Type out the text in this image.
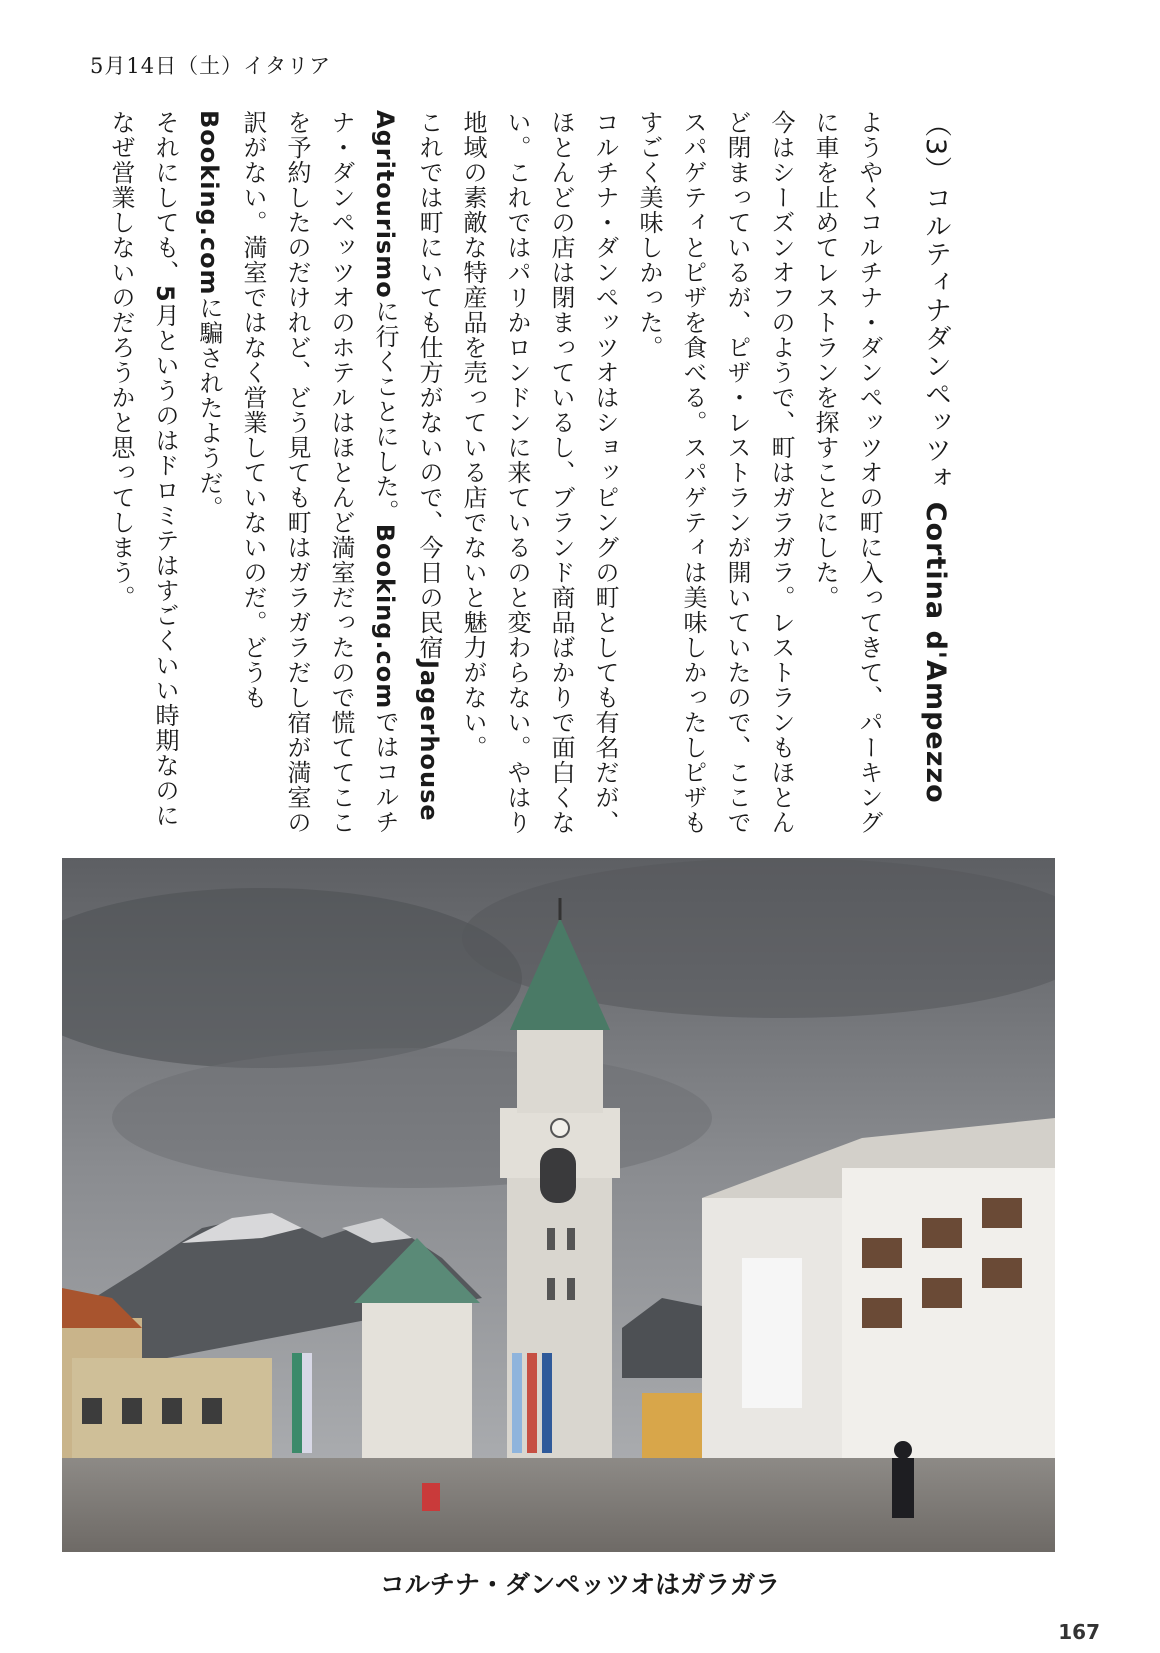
5月14日（土）イタリア
（3）コルティナダンペッツォ Cortina d'Ampezzo

ようやくコルチナ・ダンペッツオの町に入ってきて、パーキングに車を止めてレストランを探すことにした。

今はシーズンオフのようで、町はガラガラ。レストランもほとんど閉まっているが、ピザ・レストランが開いていたので、ここでスパゲティとピザを食べる。スパゲティは美味しかったしピザもすごく美味しかった。

コルチナ・ダンペッツオはショッピングの町としても有名だが、ほとんどの店は閉まっているし、ブランド商品ばかりで面白くない。これではパリかロンドンに来ているのと変わらない。やはり地域の素敵な特産品を売っている店でないと魅力がない。

これでは町にいても仕方がないので、今日の民宿Jagerhouse Agritourismoに行くことにした。Booking.comではコルチナ・ダンペッツオのホテルはほとんど満室だったので慌ててここを予約したのだけれど、どう見ても町はガラガラだし宿が満室の訳がない。満室ではなく営業していないのだ。どうもBooking.comに騙されたようだ。

それにしても、5月というのはドロミテはすごくいい時期なのになぜ営業しないのだろうかと思ってしまう。

コルチナ・ダンペッツオはガラガラ
167
